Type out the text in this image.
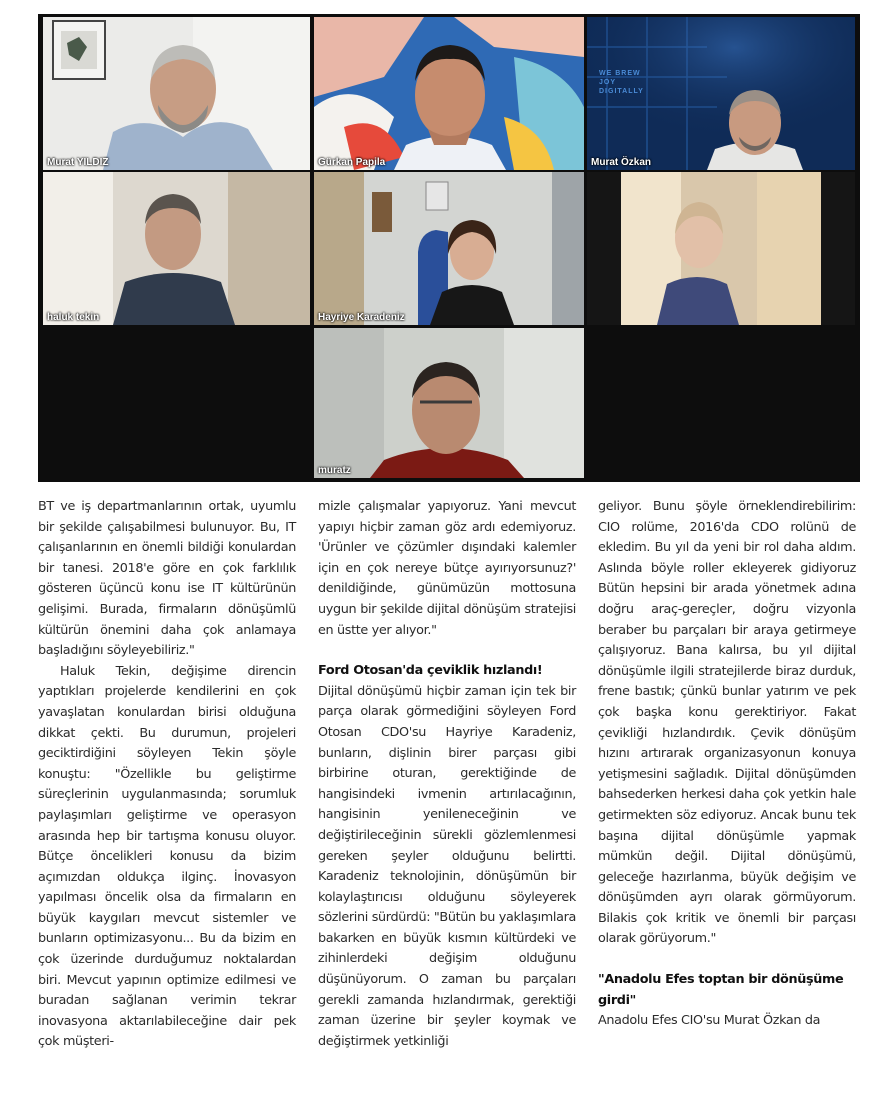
Murat YILDIZ	Gürkan Papila
WE BREW JOY DIGITALLY
Murat Özkan
haluk tekin	Hayriye Karadeniz
muratz

BT ve iş departmanlarının ortak, uyumlu bir şekilde çalışabilmesi bulunuyor. Bu, IT çalışanlarının en önemli bildiği konulardan bir tanesi. 2018'e göre en çok farklılık gösteren üçüncü konu ise IT kültürünün gelişimi. Burada, firmaların dönüşümlü kültürün önemini daha çok anlamaya başladığını söyleyebiliriz."

Haluk Tekin, değişime direncin yaptıkları projelerde kendilerini en çok yavaşlatan konulardan birisi olduğuna dikkat çekti. Bu durumun, projeleri geciktirdiğini söyleyen Tekin şöyle konuştu: "Özellikle bu geliştirme süreçlerinin uygulanmasında; sorumluk paylaşımları geliştirme ve operasyon arasında hep bir tartışma konusu oluyor. Bütçe öncelikleri konusu da bizim açımızdan oldukça ilginç. İnovasyon yapılması öncelik olsa da firmaların en büyük kaygıları mevcut sistemler ve bunların optimizasyonu... Bu da bizim en çok üzerinde durduğumuz noktalardan biri. Mevcut yapının optimize edilmesi ve buradan sağlanan verimin tekrar inovasyona aktarılabileceğine dair pek çok müşteri-

mizle çalışmalar yapıyoruz. Yani mevcut yapıyı hiçbir zaman göz ardı edemiyoruz. 'Ürünler ve çözümler dışındaki kalemler için en çok nereye bütçe ayırıyorsunuz?' denildiğinde, günümüzün mottosuna uygun bir şekilde dijital dönüşüm stratejisi en üstte yer alıyor."

Ford Otosan'da çeviklik hızlandı!

Dijital dönüşümü hiçbir zaman için tek bir parça olarak görmediğini söyleyen Ford Otosan CDO'su Hayriye Karadeniz, bunların, dişlinin birer parçası gibi birbirine oturan, gerektiğinde de hangisindeki ivmenin artırılacağının, hangisinin yenileneceğinin ve değiştirileceğinin sürekli gözlemlenmesi gereken şeyler olduğunu belirtti. Karadeniz teknolojinin, dönüşümün bir kolaylaştırıcısı olduğunu söyleyerek sözlerini sürdürdü: "Bütün bu yaklaşımlara bakarken en büyük kısmın kültürdeki ve zihinlerdeki değişim olduğunu düşünüyorum. O zaman bu parçaları gerekli zamanda hızlandırmak, gerektiği zaman üzerine bir şeyler koymak ve değiştirmek yetkinliği

geliyor. Bunu şöyle örneklendirebilirim: CIO rolüme, 2016'da CDO rolünü de ekledim. Bu yıl da yeni bir rol daha aldım. Aslında böyle roller ekleyerek gidiyoruz Bütün hepsini bir arada yönetmek adına doğru araç-gereçler, doğru vizyonla beraber bu parçaları bir araya getirmeye çalışıyoruz. Bana kalırsa, bu yıl dijital dönüşümle ilgili stratejilerde biraz durduk, frene bastık; çünkü bunlar yatırım ve pek çok başka konu gerektiriyor. Fakat çevikliği hızlandırdık. Çevik dönüşüm hızını artırarak organizasyonun konuya yetişmesini sağladık. Dijital dönüşümden bahsederken herkesi daha çok yetkin hale getirmekten söz ediyoruz. Ancak bunu tek başına dijital dönüşümle yapmak mümkün değil. Dijital dönüşümü, geleceğe hazırlanma, büyük değişim ve dönüşümden ayrı olarak görmüyorum. Bilakis çok kritik ve önemli bir parçası olarak görüyorum."

"Anadolu Efes toptan bir dönüşüme girdi"

Anadolu Efes CIO'su Murat Özkan da
